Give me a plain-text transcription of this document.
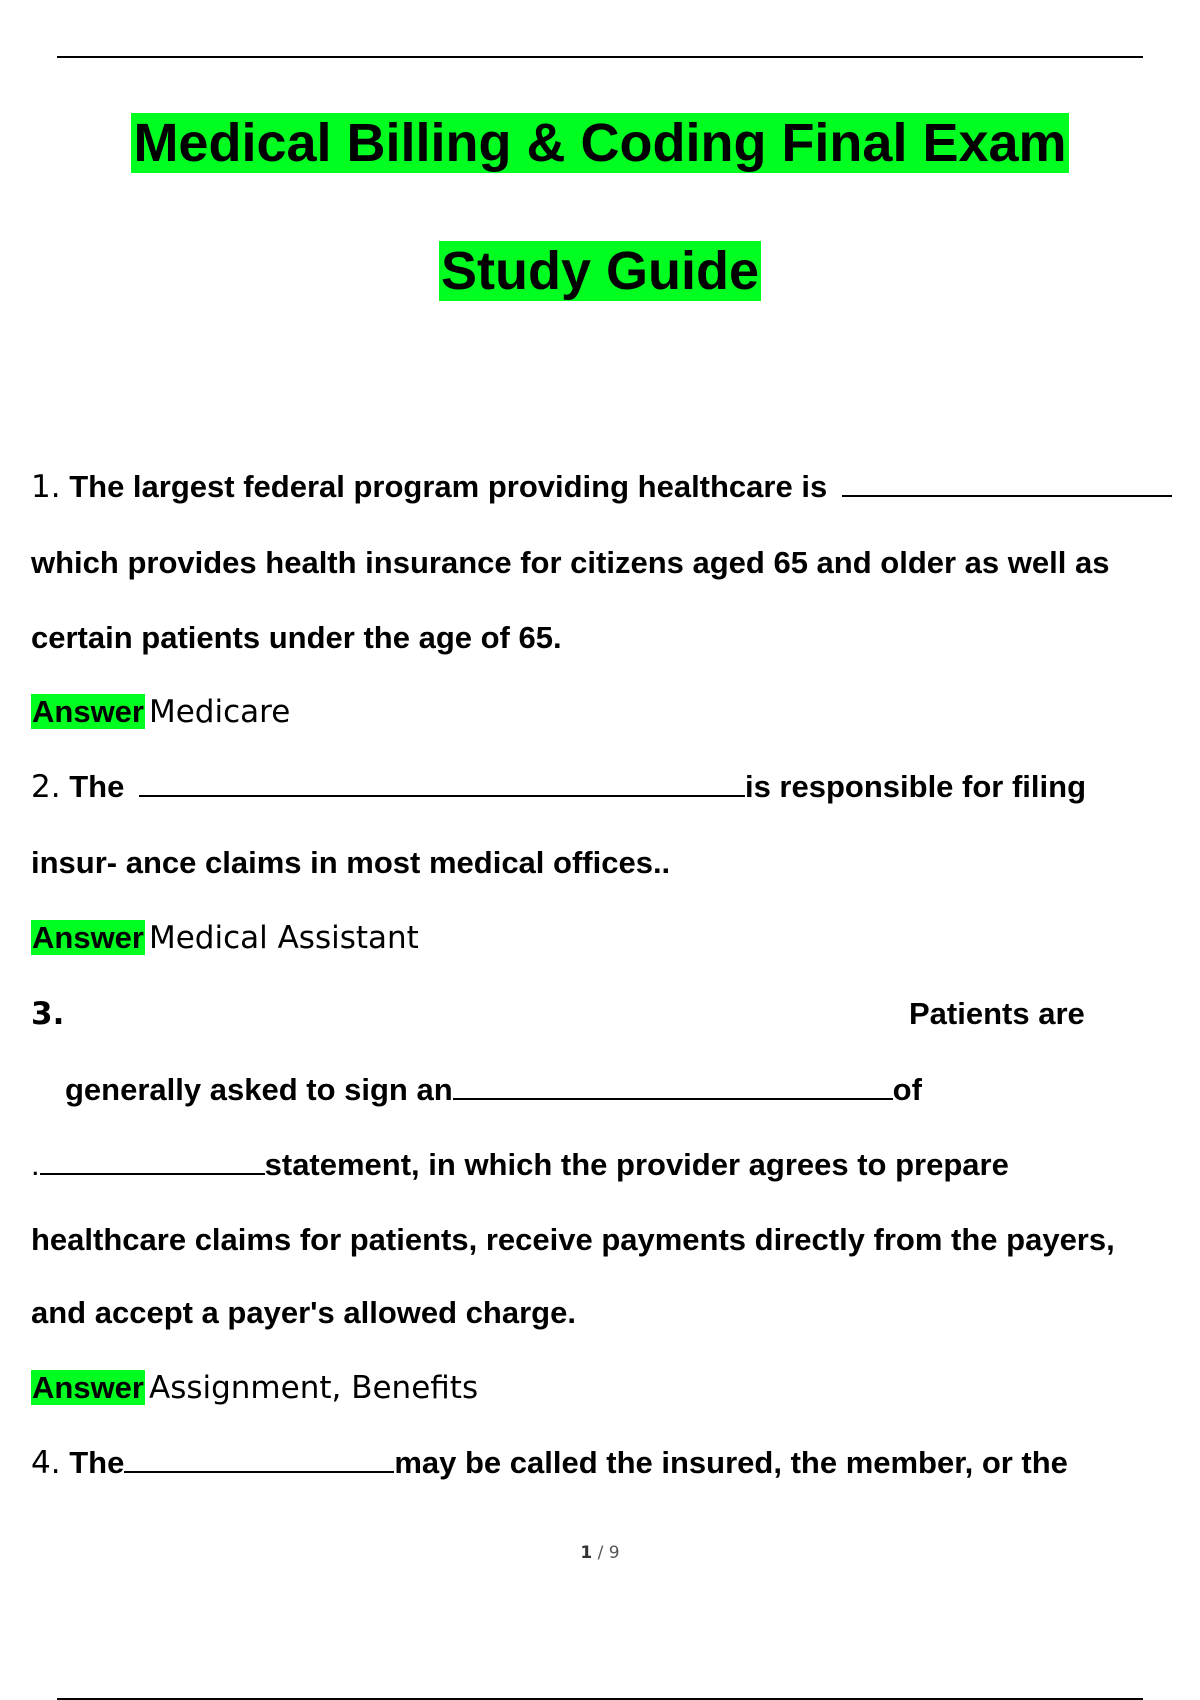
Medical Billing & Coding Final Exam
Study Guide
1. The largest federal program providing healthcare is
which provides health insurance for citizens aged 65 and older as well as
certain patients under the age of 65.
Answer Medicare
2. The	is responsible for filing
insur- ance claims in most medical offices..
Answer Medical Assistant
3.	Patients are
generally asked to sign an	of
.	statement, in which the provider agrees to prepare
healthcare claims for patients, receive payments directly from the payers,
and accept a payer's allowed charge.
Answer Assignment, Benefits
4. The	may be called the insured, the member, or the
1 / 9
